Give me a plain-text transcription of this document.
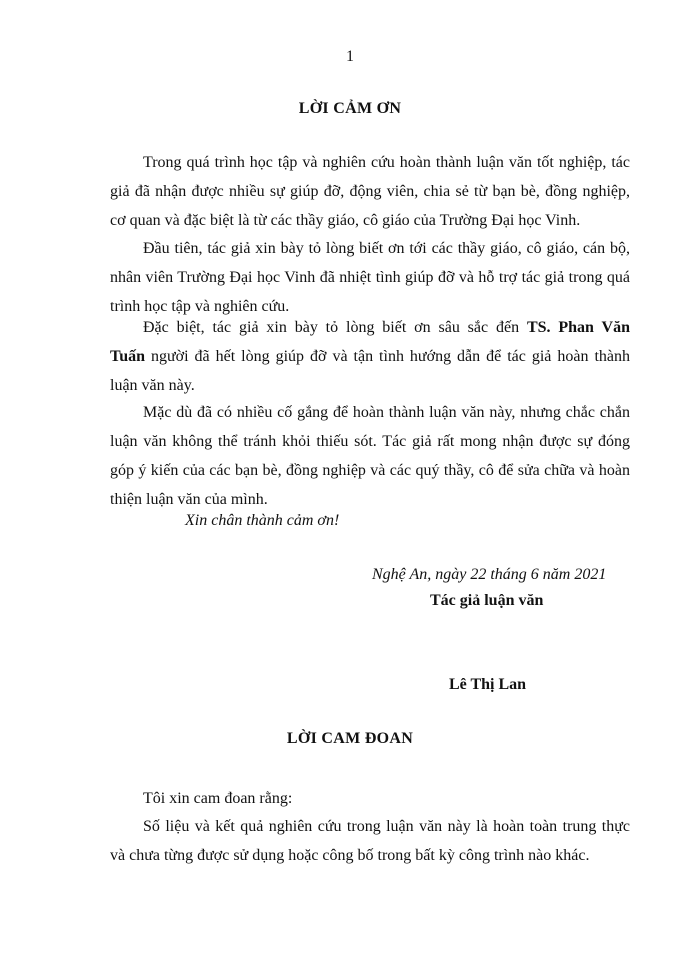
1
LỜI CẢM ƠN
Trong quá trình học tập và nghiên cứu hoàn thành luận văn tốt nghiệp, tác
giả đã nhận được nhiều sự giúp đỡ, động viên, chia sẻ từ bạn bè, đồng nghiệp,
cơ quan và đặc biệt là từ các thầy giáo, cô giáo của Trường Đại học Vinh.
Đầu tiên, tác giả xin bày tỏ lòng biết ơn tới các thầy giáo, cô giáo, cán bộ,
nhân viên Trường Đại học Vinh đã nhiệt tình giúp đỡ và hỗ trợ tác giả trong quá
trình học tập và nghiên cứu.
Đặc biệt, tác giả xin bày tỏ lòng biết ơn sâu sắc đến TS. Phan Văn
Tuấn người đã hết lòng giúp đỡ và tận tình hướng dẫn để tác giả hoàn thành
luận văn này.
Mặc dù đã có nhiều cố gắng để hoàn thành luận văn này, nhưng chắc chắn
luận văn không thể tránh khỏi thiếu sót. Tác giả rất mong nhận được sự đóng
góp ý kiến của các bạn bè, đồng nghiệp và các quý thầy, cô để sửa chữa và hoàn
thiện luận văn của mình.
Xin chân thành cảm ơn!
Nghệ An, ngày 22 tháng 6 năm 2021
Tác giả luận văn
Lê Thị Lan
LỜI CAM ĐOAN
Tôi xin cam đoan rằng:
Số liệu và kết quả nghiên cứu trong luận văn này là hoàn toàn trung thực
và chưa từng được sử dụng hoặc công bố trong bất kỳ công trình nào khác.
